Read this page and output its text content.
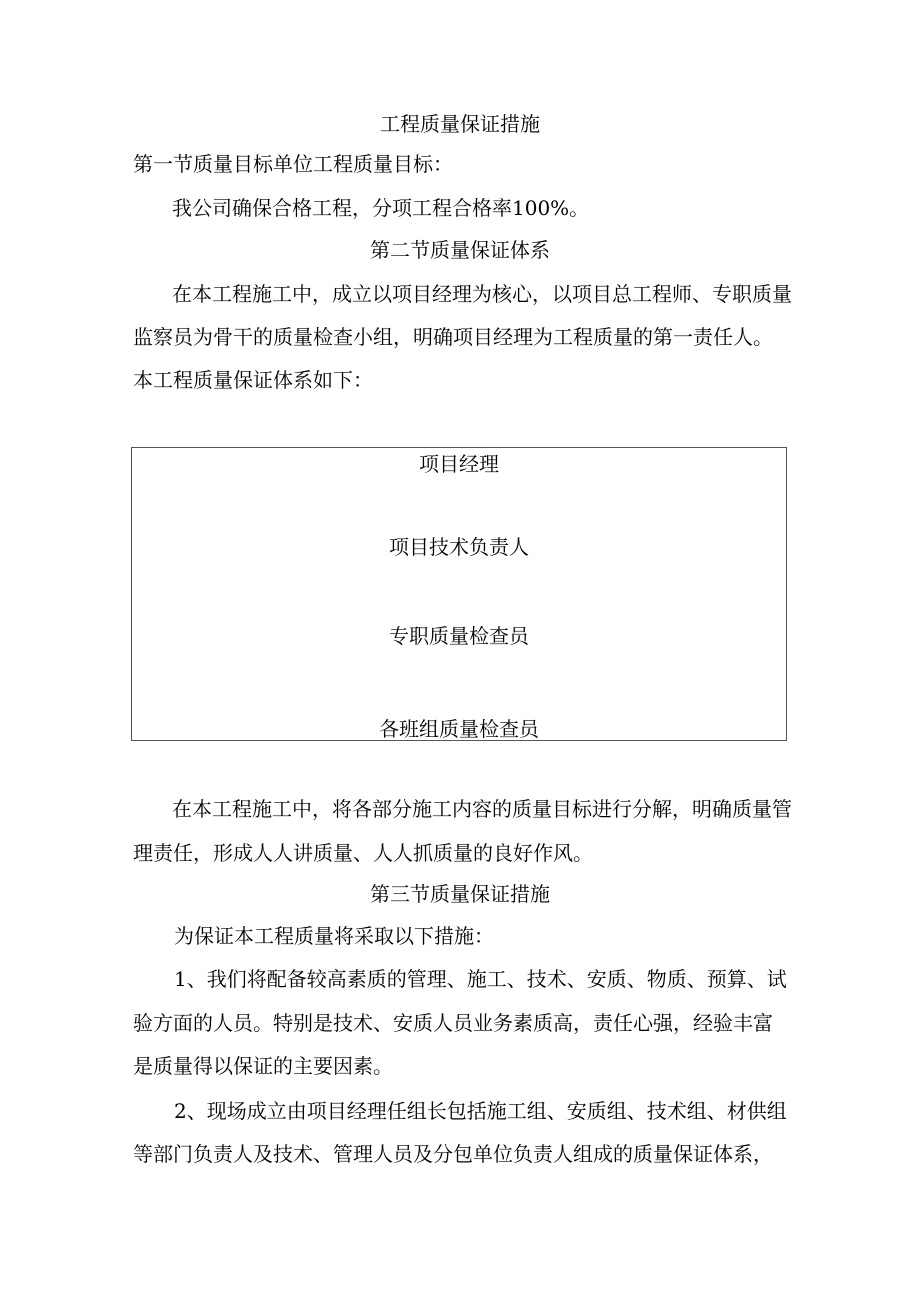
工程质量保证措施
第一节质量目标单位工程质量目标：

我公司确保合格工程，分项工程合格率100%。

第二节质量保证体系

在本工程施工中，成立以项目经理为核心，以项目总工程师、专职质量

监察员为骨干的质量检查小组，明确项目经理为工程质量的第一责任人。

本工程质量保证体系如下：

项目经理
项目技术负责人
专职质量检查员
各班组质量检查员

在本工程施工中，将各部分施工内容的质量目标进行分解，明确质量管

理责任，形成人人讲质量、人人抓质量的良好作风。

第三节质量保证措施

为保证本工程质量将采取以下措施：

1、我们将配备较高素质的管理、施工、技术、安质、物质、预算、试

验方面的人员。特别是技术、安质人员业务素质高，责任心强，经验丰富

是质量得以保证的主要因素。

2、现场成立由项目经理任组长包括施工组、安质组、技术组、材供组

等部门负责人及技术、管理人员及分包单位负责人组成的质量保证体系，
